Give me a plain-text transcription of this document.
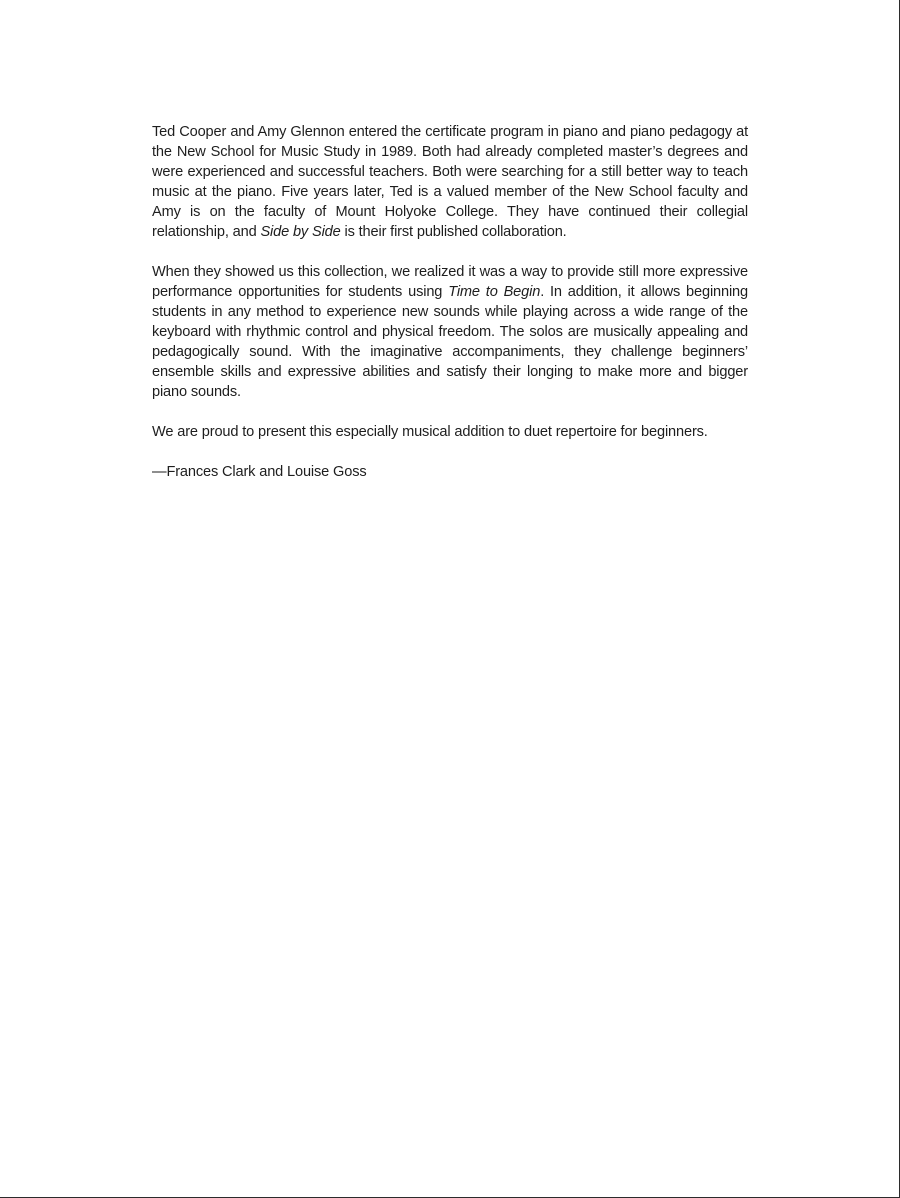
Ted Cooper and Amy Glennon entered the certificate program in piano and piano pedagogy at the New School for Music Study in 1989. Both had already completed master’s degrees and were experienced and successful teachers. Both were searching for a still better way to teach music at the piano. Five years later, Ted is a valued member of the New School faculty and Amy is on the faculty of Mount Holyoke College. They have continued their collegial relationship, and Side by Side is their first published collaboration.

When they showed us this collection, we realized it was a way to provide still more expressive performance opportunities for students using Time to Begin. In addition, it allows beginning students in any method to experience new sounds while playing across a wide range of the keyboard with rhythmic control and physical freedom. The solos are musically appealing and pedagogically sound. With the imaginative accompaniments, they challenge beginners’ ensemble skills and expressive abilities and satisfy their longing to make more and bigger piano sounds.

We are proud to present this especially musical addition to duet repertoire for beginners.

—Frances Clark and Louise Goss
